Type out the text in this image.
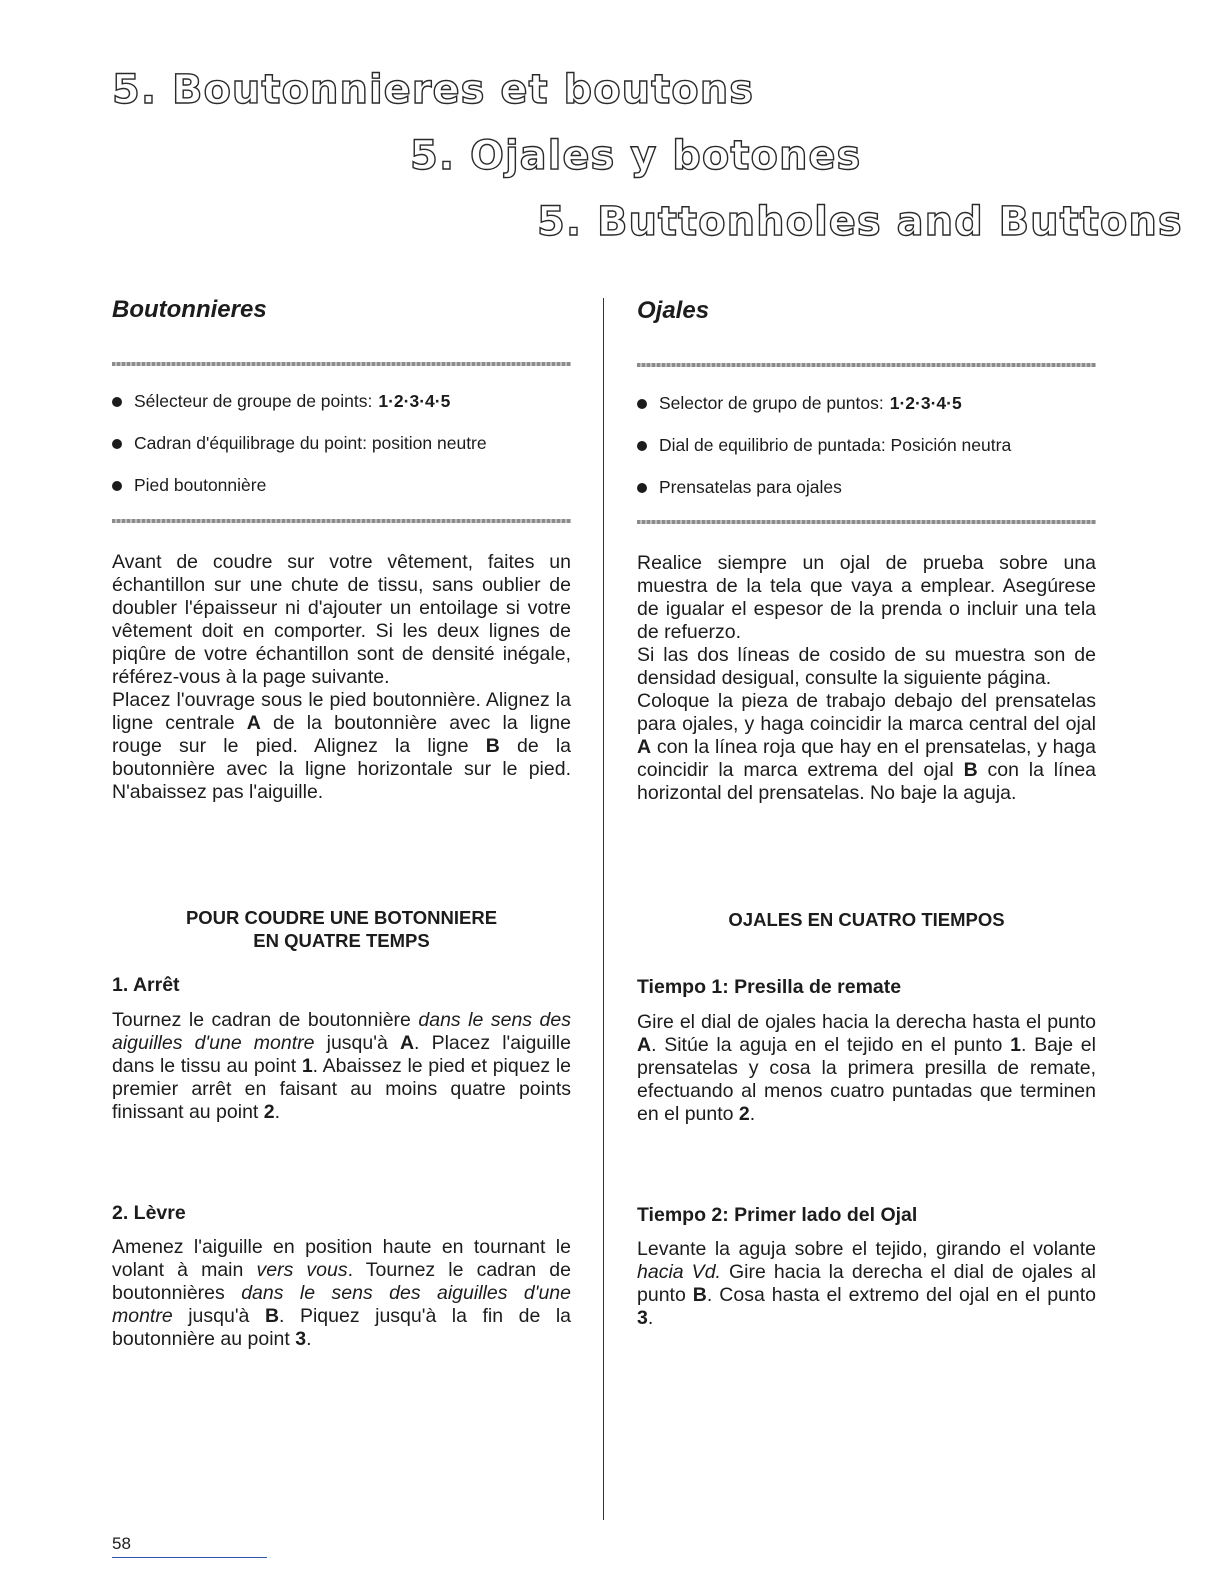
5. Boutonnieres et boutons
5. Ojales y botones
5. Buttonholes and Buttons
Boutonnieres
Sélecteur de groupe de points: 1·2·3·4·5
Cadran d'équilibrage du point: position neutre
Pied boutonnière

Avant de coudre sur votre vêtement, faites un échantillon sur une chute de tissu, sans oublier de doubler l'épaisseur ni d'ajouter un entoilage si votre vêtement doit en comporter. Si les deux lignes de piqûre de votre échantillon sont de densité inégale, référez-vous à la page suivante.

Placez l'ouvrage sous le pied boutonnière. Alignez la ligne centrale A de la boutonnière avec la ligne rouge sur le pied. Alignez la ligne B de la boutonnière avec la ligne horizontale sur le pied. N'abaissez pas l'aiguille.

POUR COUDRE UNE BOTONNIERE
EN QUATRE TEMPS
1. Arrêt

Tournez le cadran de boutonnière dans le sens des aiguilles d'une montre jusqu'à A. Placez l'aiguille dans le tissu au point 1. Abaissez le pied et piquez le premier arrêt en faisant au moins quatre points finissant au point 2.

2. Lèvre

Amenez l'aiguille en position haute en tournant le volant à main vers vous. Tournez le cadran de boutonnières dans le sens des aiguilles d'une montre jusqu'à B. Piquez jusqu'à la fin de la boutonnière au point 3.

Ojales
Selector de grupo de puntos: 1·2·3·4·5
Dial de equilibrio de puntada: Posición neutra
Prensatelas para ojales

Realice siempre un ojal de prueba sobre una muestra de la tela que vaya a emplear. Asegúrese de igualar el espesor de la prenda o incluir una tela de refuerzo.

Si las dos líneas de cosido de su muestra son de densidad desigual, consulte la siguiente página.

Coloque la pieza de trabajo debajo del prensatelas para ojales, y haga coincidir la marca central del ojal A con la línea roja que hay en el prensatelas, y haga coincidir la marca extrema del ojal B con la línea horizontal del prensatelas. No baje la aguja.

OJALES EN CUATRO TIEMPOS
Tiempo 1: Presilla de remate

Gire el dial de ojales hacia la derecha hasta el punto A. Sitúe la aguja en el tejido en el punto 1. Baje el prensatelas y cosa la primera presilla de remate, efectuando al menos cuatro puntadas que terminen en el punto 2.

Tiempo 2: Primer lado del Ojal

Levante la aguja sobre el tejido, girando el volante hacia Vd. Gire hacia la derecha el dial de ojales al punto B. Cosa hasta el extremo del ojal en el punto 3.

58
